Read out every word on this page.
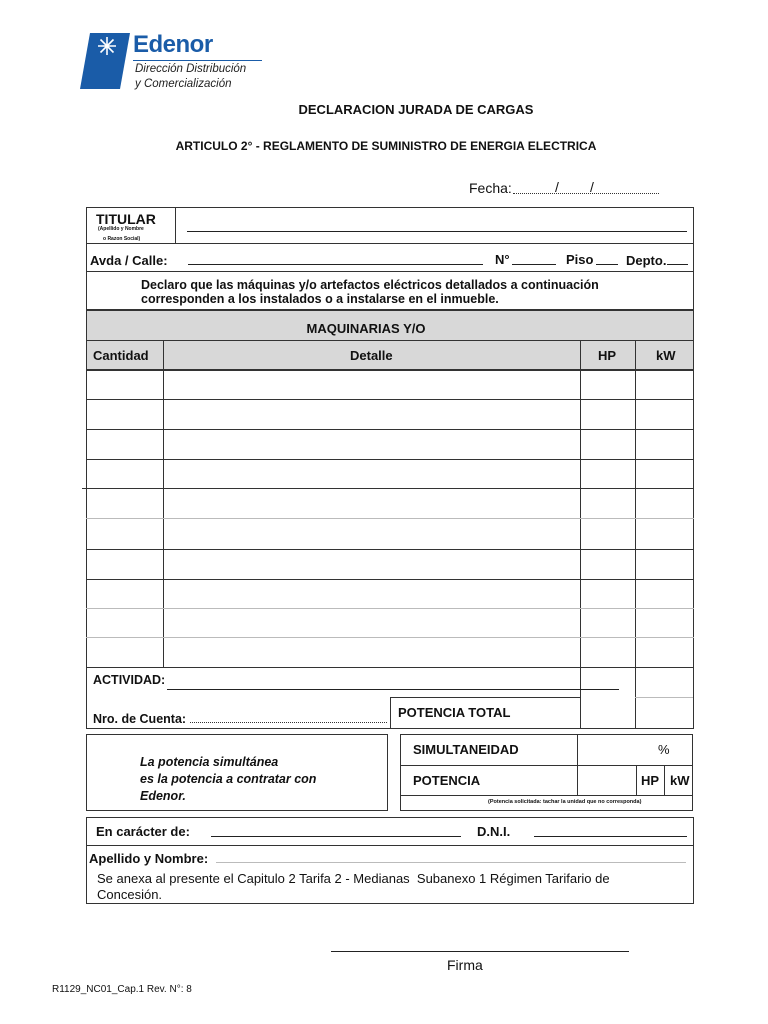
Edenor
Dirección Distribución
y Comercialización
DECLARACION JURADA DE CARGAS
ARTICULO 2° - REGLAMENTO DE SUMINISTRO DE ENERGIA ELECTRICA
Fecha:	/        /
TITULAR
(Apellido y Nombre
o Razon Social)
Avda / Calle:	N°	Piso	Depto.
Declaro que las máquinas y/o artefactos eléctricos detallados a continuación
corresponden a los instalados o a instalarse en el inmueble.
MAQUINARIAS Y/O
Cantidad	Detalle	HP	kW
ACTIVIDAD:
Nro. de Cuenta:	POTENCIA TOTAL
La potencia simultánea
es la potencia a contratar con
Edenor.
SIMULTANEIDAD	%
POTENCIA	HP kW
(Potencia solicitada: tachar la unidad que no corresponda)
En carácter de:	D.N.I.
Apellido y Nombre:
Se anexa al presente el Capitulo 2 Tarifa 2 - Medianas  Subanexo 1 Régimen Tarifario de
Concesión.
Firma
R1129_NC01_Cap.1 Rev. N°: 8
